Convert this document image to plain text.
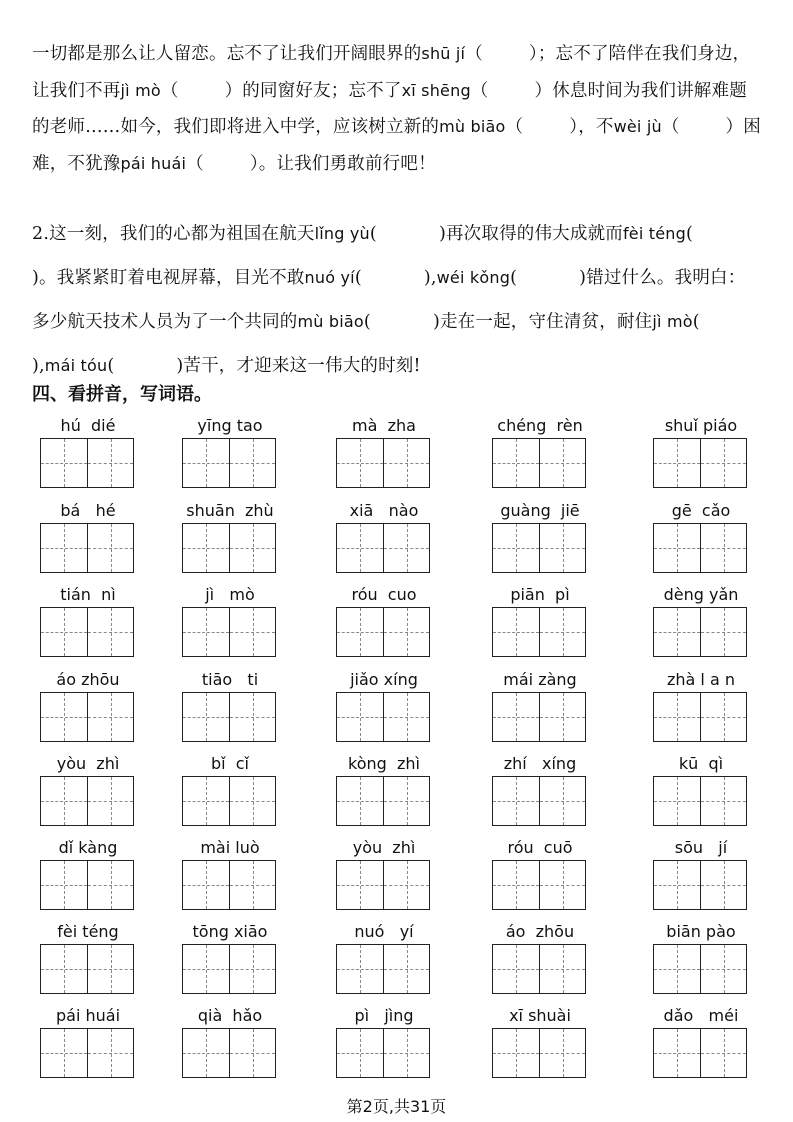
一切都是那么让人留恋。忘不了让我们开阔眼界的shū jí（	）；忘不了陪伴在我们身边，让我们不再jì mò（	）的同窗好友；忘不了xī shēng（	）休息时间为我们讲解难题的老师……如今，我们即将进入中学，应该树立新的mù biāo（	），不wèi jù（	）困难，不犹豫pái huái（	）。让我们勇敢前行吧！
2.这一刻，我们的心都为祖国在航天lǐng yù(	)再次取得的伟大成就而fèi téng()。我紧紧盯着电视屏幕，目光不敢nuó yí(	),wéi kǒng(	)错过什么。我明白：多少航天技术人员为了一个共同的mù biāo(	)走在一起，守住清贫，耐住jì mò(),mái tóu(	)苦干，才迎来这一伟大的时刻!
四、看拼音，写词语。
hú  dié	yīng tao	mà  zha	chéng  rèn	shuǐ piáo
bá   hé	shuān  zhù	xiā   nào	guàng  jiē	gē  cǎo
tián  nì	jì   mò	róu  cuo	piān  pì	dèng yǎn
áo zhōu	tiāo   ti	jiǎo xíng	mái zàng	zhà l a n
yòu  zhì	bǐ  cǐ	kòng  zhì	zhí   xíng	kū  qì
dǐ kàng	mài luò	yòu  zhì	róu  cuō	sōu   jí
fèi téng	tōng xiāo	nuó   yí	áo  zhōu	biān pào
pái huái	qià  hǎo	pì   jìng	xī shuài	dǎo   méi
第2页,共31页
